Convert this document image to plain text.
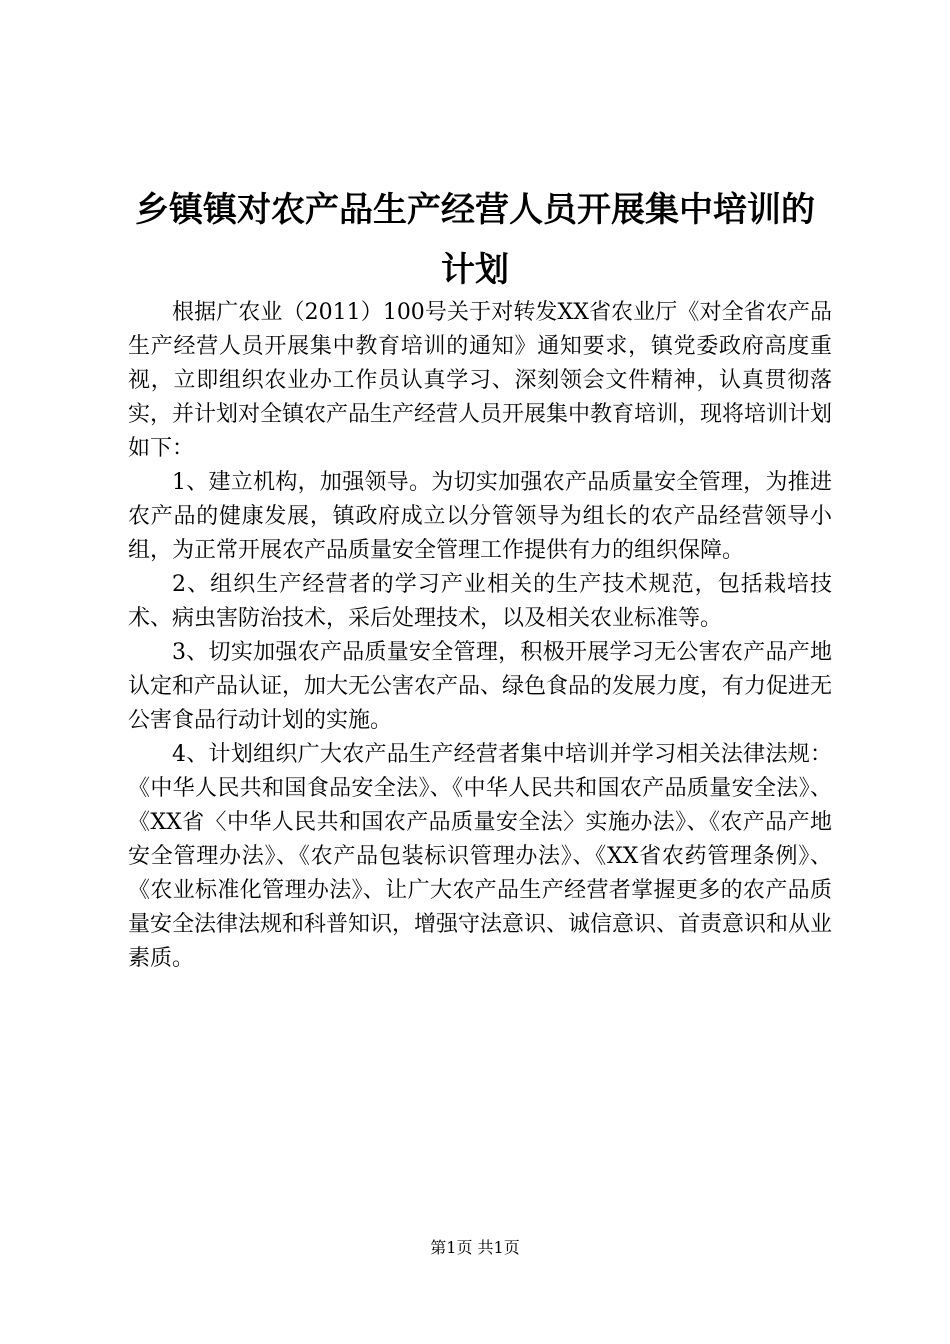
乡镇镇对农产品生产经营人员开展集中培训的
计划

根据广农业（2011）100号关于对转发XX省农业厅《对全省农产品生产经营人员开展集中教育培训的通知》通知要求，镇党委政府高度重视，立即组织农业办工作员认真学习、深刻领会文件精神，认真贯彻落实，并计划对全镇农产品生产经营人员开展集中教育培训，现将培训计划如下：

1、建立机构，加强领导。为切实加强农产品质量安全管理，为推进农产品的健康发展，镇政府成立以分管领导为组长的农产品经营领导小组，为正常开展农产品质量安全管理工作提供有力的组织保障。

2、组织生产经营者的学习产业相关的生产技术规范，包括栽培技术、病虫害防治技术，采后处理技术，以及相关农业标准等。

3、切实加强农产品质量安全管理，积极开展学习无公害农产品产地认定和产品认证，加大无公害农产品、绿色食品的发展力度，有力促进无公害食品行动计划的实施。

4、计划组织广大农产品生产经营者集中培训并学习相关法律法规：《中华人民共和国食品安全法》、《中华人民共和国农产品质量安全法》、《XX省〈中华人民共和国农产品质量安全法〉实施办法》、《农产品产地安全管理办法》、《农产品包装标识管理办法》、《XX省农药管理条例》、《农业标准化管理办法》、让广大农产品生产经营者掌握更多的农产品质量安全法律法规和科普知识，增强守法意识、诚信意识、首责意识和从业素质。

第1页 共1页
